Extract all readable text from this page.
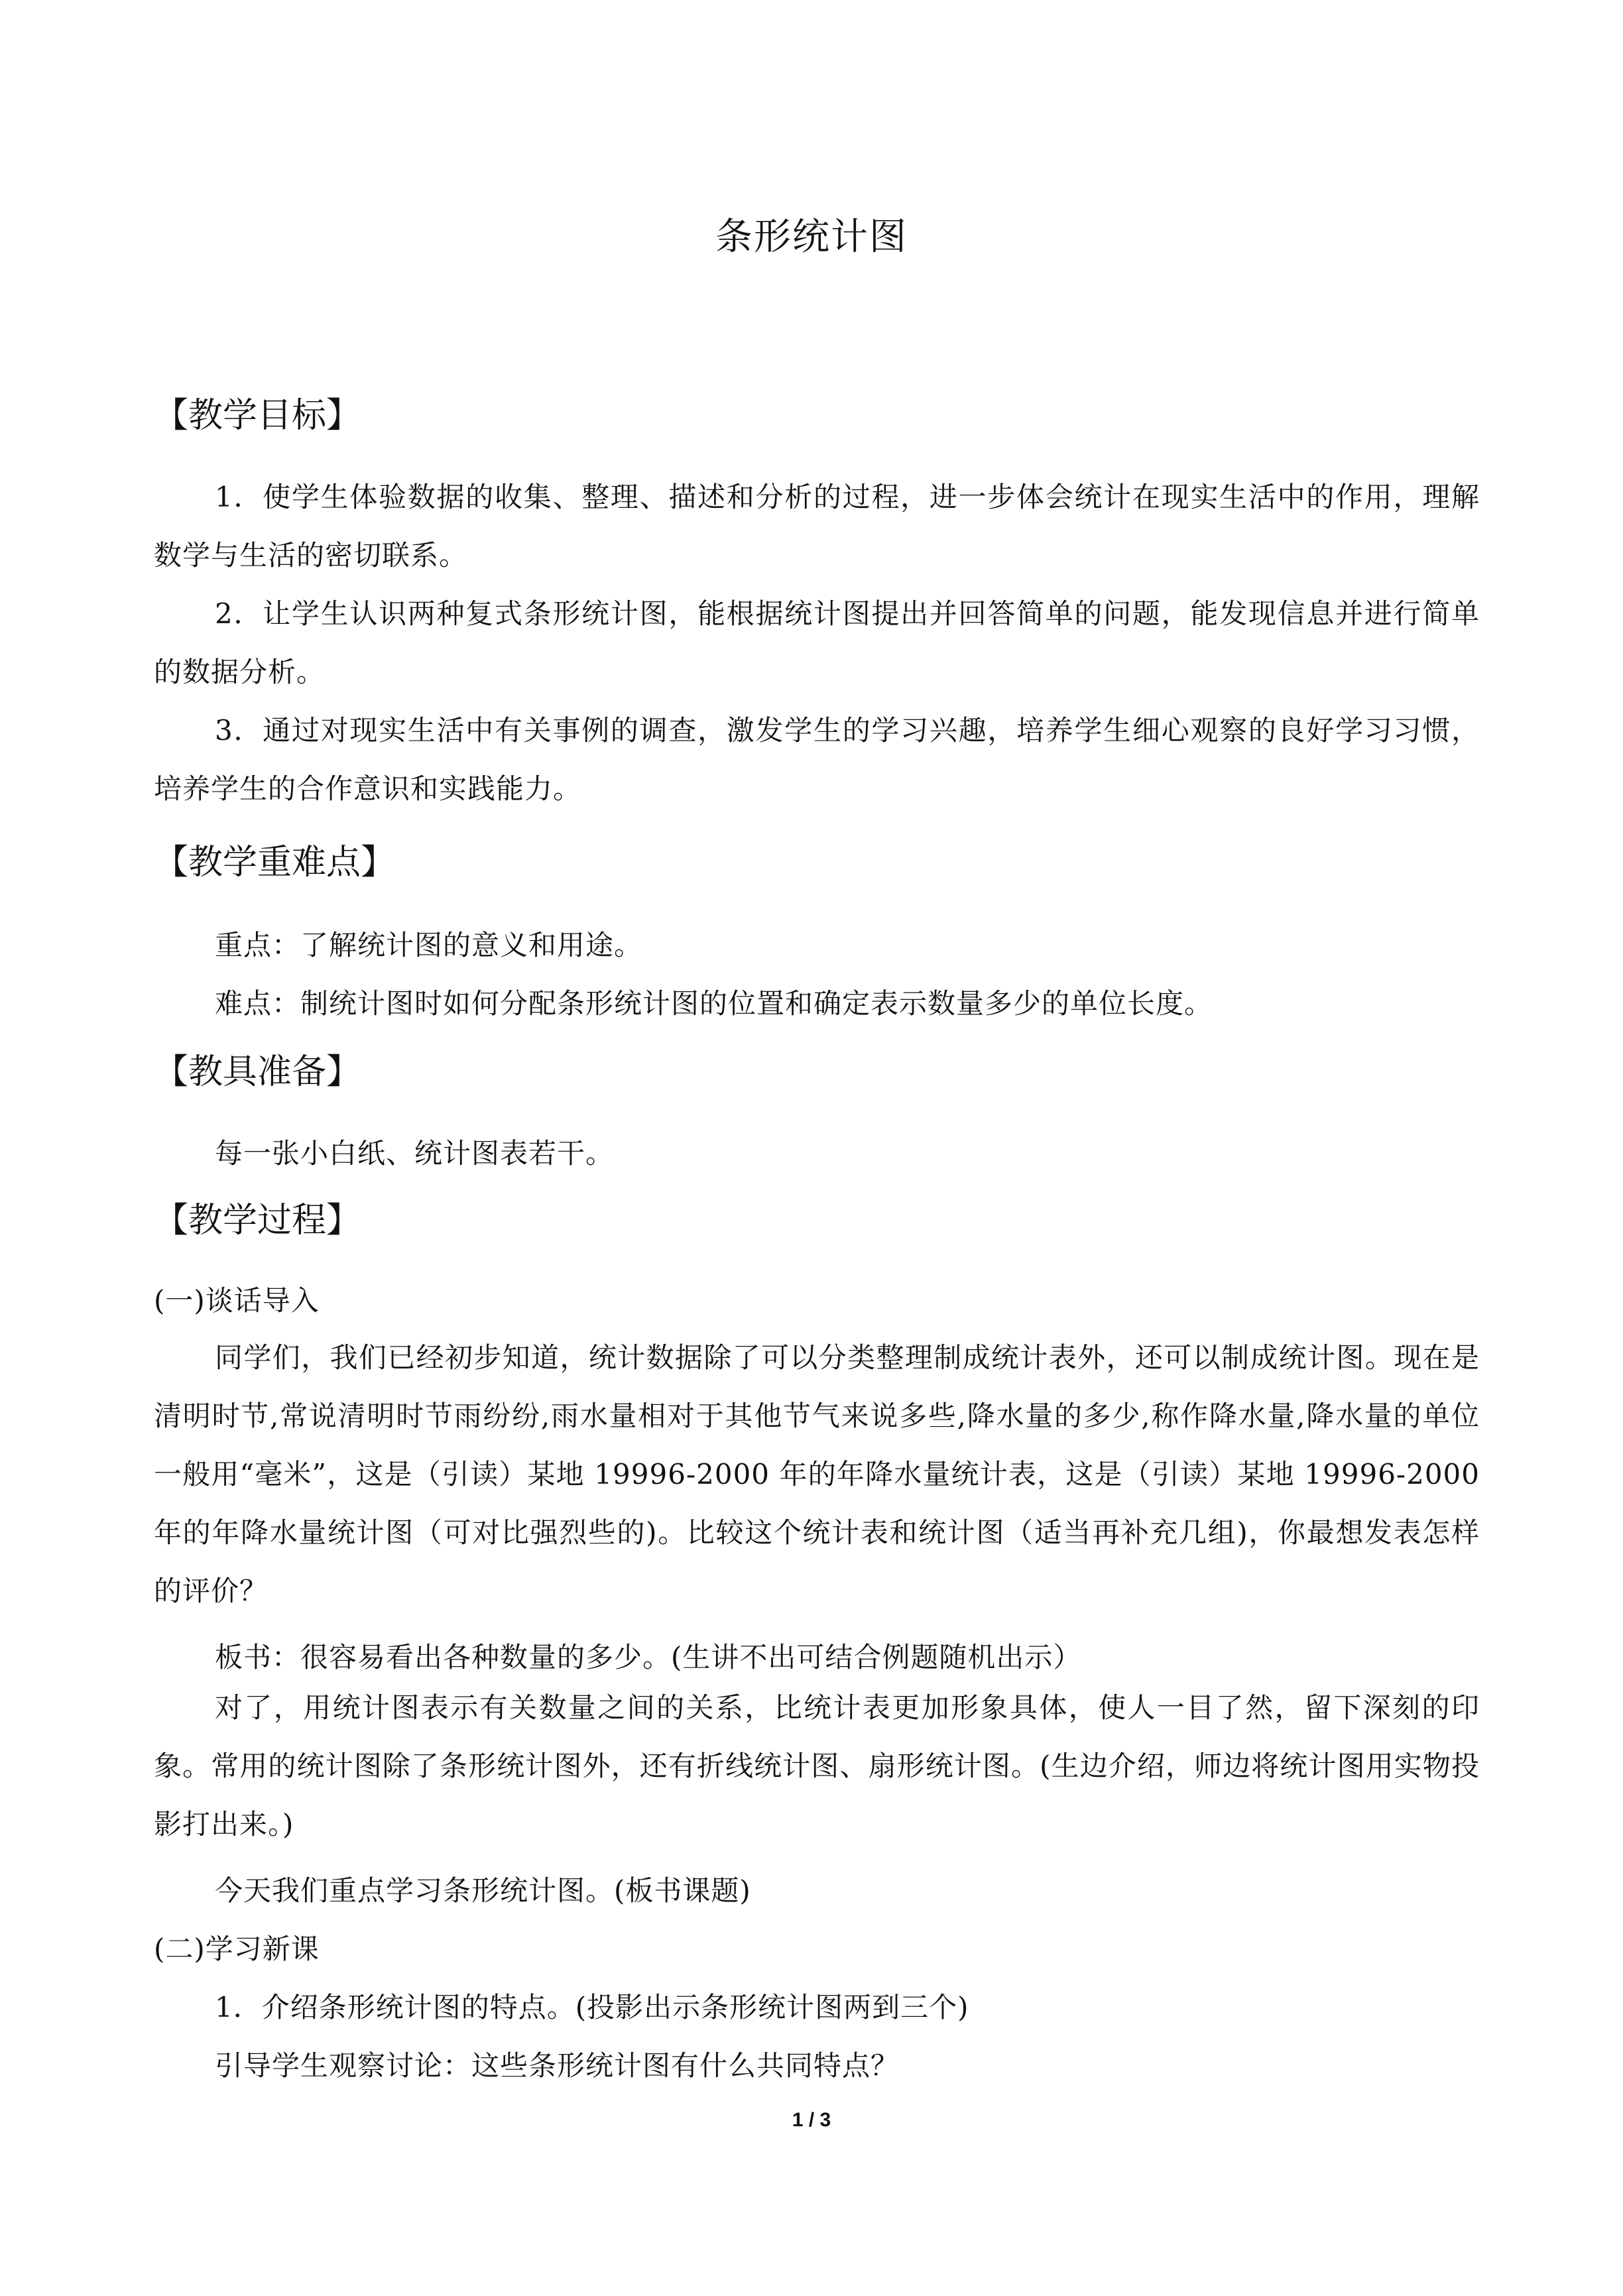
条形统计图
【教学目标】
1．使学生体验数据的收集、整理、描述和分析的过程，进一步体会统计在现实生活中的作用，理解数学与生活的密切联系。
2．让学生认识两种复式条形统计图，能根据统计图提出并回答简单的问题，能发现信息并进行简单的数据分析。
3．通过对现实生活中有关事例的调查，激发学生的学习兴趣，培养学生细心观察的良好学习习惯，培养学生的合作意识和实践能力。
【教学重难点】
重点：了解统计图的意义和用途。
难点：制统计图时如何分配条形统计图的位置和确定表示数量多少的单位长度。
【教具准备】
每一张小白纸、统计图表若干。
【教学过程】
(一)谈话导入
同学们，我们已经初步知道，统计数据除了可以分类整理制成统计表外，还可以制成统计图。现在是清明时节,常说清明时节雨纷纷,雨水量相对于其他节气来说多些,降水量的多少,称作降水量,降水量的单位一般用“毫米”，这是（引读）某地 19996-2000 年的年降水量统计表，这是（引读）某地 19996-2000 年的年降水量统计图（可对比强烈些的)。比较这个统计表和统计图（适当再补充几组)，你最想发表怎样的评价？
板书：很容易看出各种数量的多少。(生讲不出可结合例题随机出示）
对了，用统计图表示有关数量之间的关系，比统计表更加形象具体，使人一目了然，留下深刻的印象。常用的统计图除了条形统计图外，还有折线统计图、扇形统计图。(生边介绍，师边将统计图用实物投影打出来。)
今天我们重点学习条形统计图。(板书课题)
(二)学习新课
1．介绍条形统计图的特点。(投影出示条形统计图两到三个)
引导学生观察讨论：这些条形统计图有什么共同特点？
1 / 3
